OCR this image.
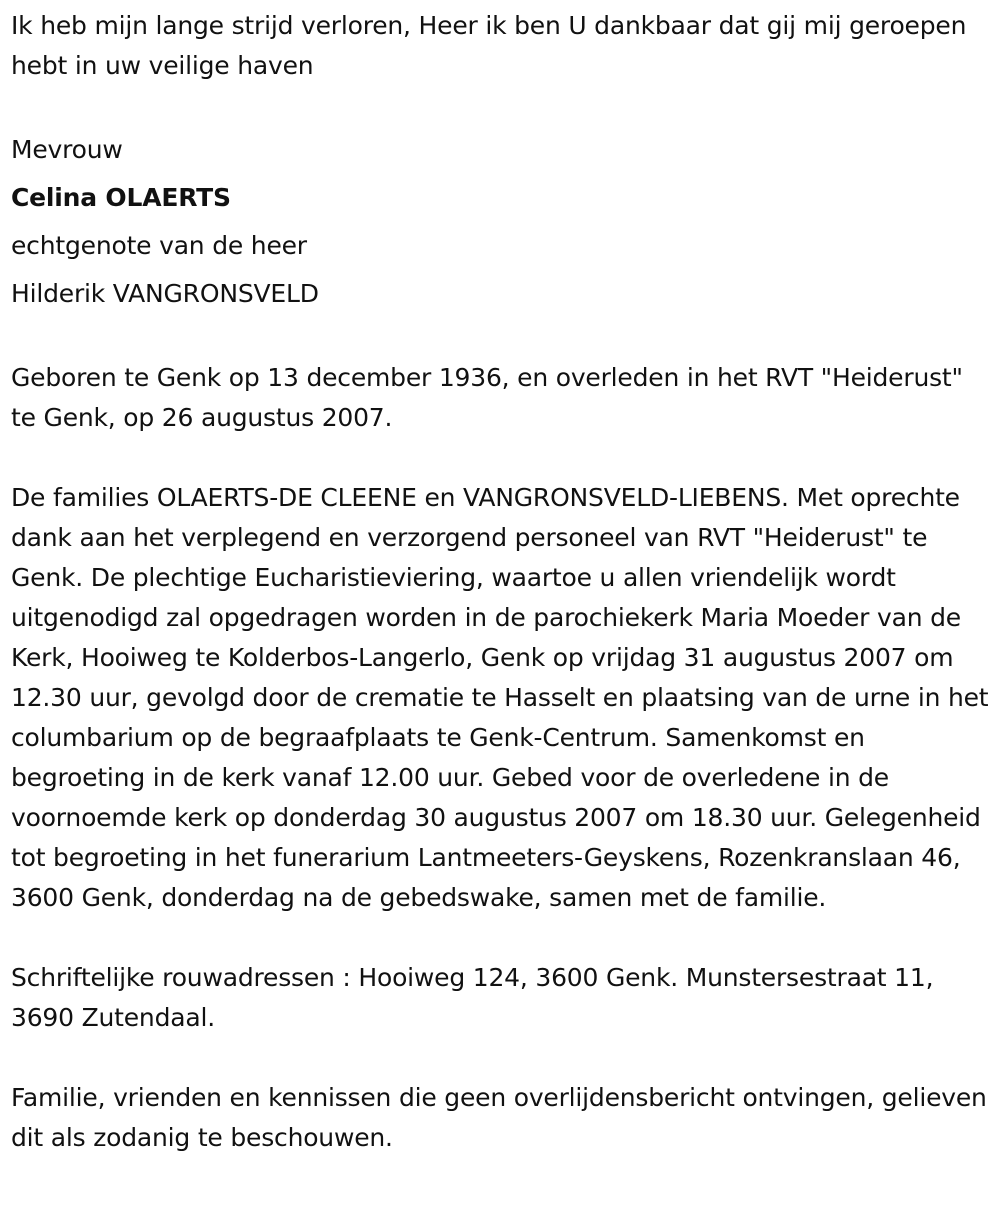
Ik heb mijn lange strijd verloren, Heer ik ben U dankbaar dat gij mij geroepen hebt in uw veilige haven

Mevrouw

Celina OLAERTS

echtgenote van de heer

Hilderik VANGRONSVELD

Geboren te Genk op 13 december 1936, en overleden in het RVT "Heiderust" te Genk, op 26 augustus 2007.

De families OLAERTS-DE CLEENE en VANGRONSVELD-LIEBENS. Met oprechte dank aan het verplegend en verzorgend personeel van RVT "Heiderust" te Genk. De plechtige Eucharistieviering, waartoe u allen vriendelijk wordt uitgenodigd zal opgedragen worden in de parochiekerk Maria Moeder van de Kerk, Hooiweg te Kolderbos-Langerlo, Genk op vrijdag 31 augustus 2007 om 12.30 uur, gevolgd door de crematie te Hasselt en plaatsing van de urne in het columbarium op de begraafplaats te Genk-Centrum. Samenkomst en begroeting in de kerk vanaf 12.00 uur. Gebed voor de overledene in de voornoemde kerk op donderdag 30 augustus 2007 om 18.30 uur. Gelegenheid tot begroeting in het funerarium Lantmeeters-Geyskens, Rozenkranslaan 46, 3600 Genk, donderdag na de gebedswake, samen met de familie.

Schriftelijke rouwadressen : Hooiweg 124, 3600 Genk. Munstersestraat 11, 3690 Zutendaal.

Familie, vrienden en kennissen die geen overlijdensbericht ontvingen, gelieven dit als zodanig te beschouwen.
